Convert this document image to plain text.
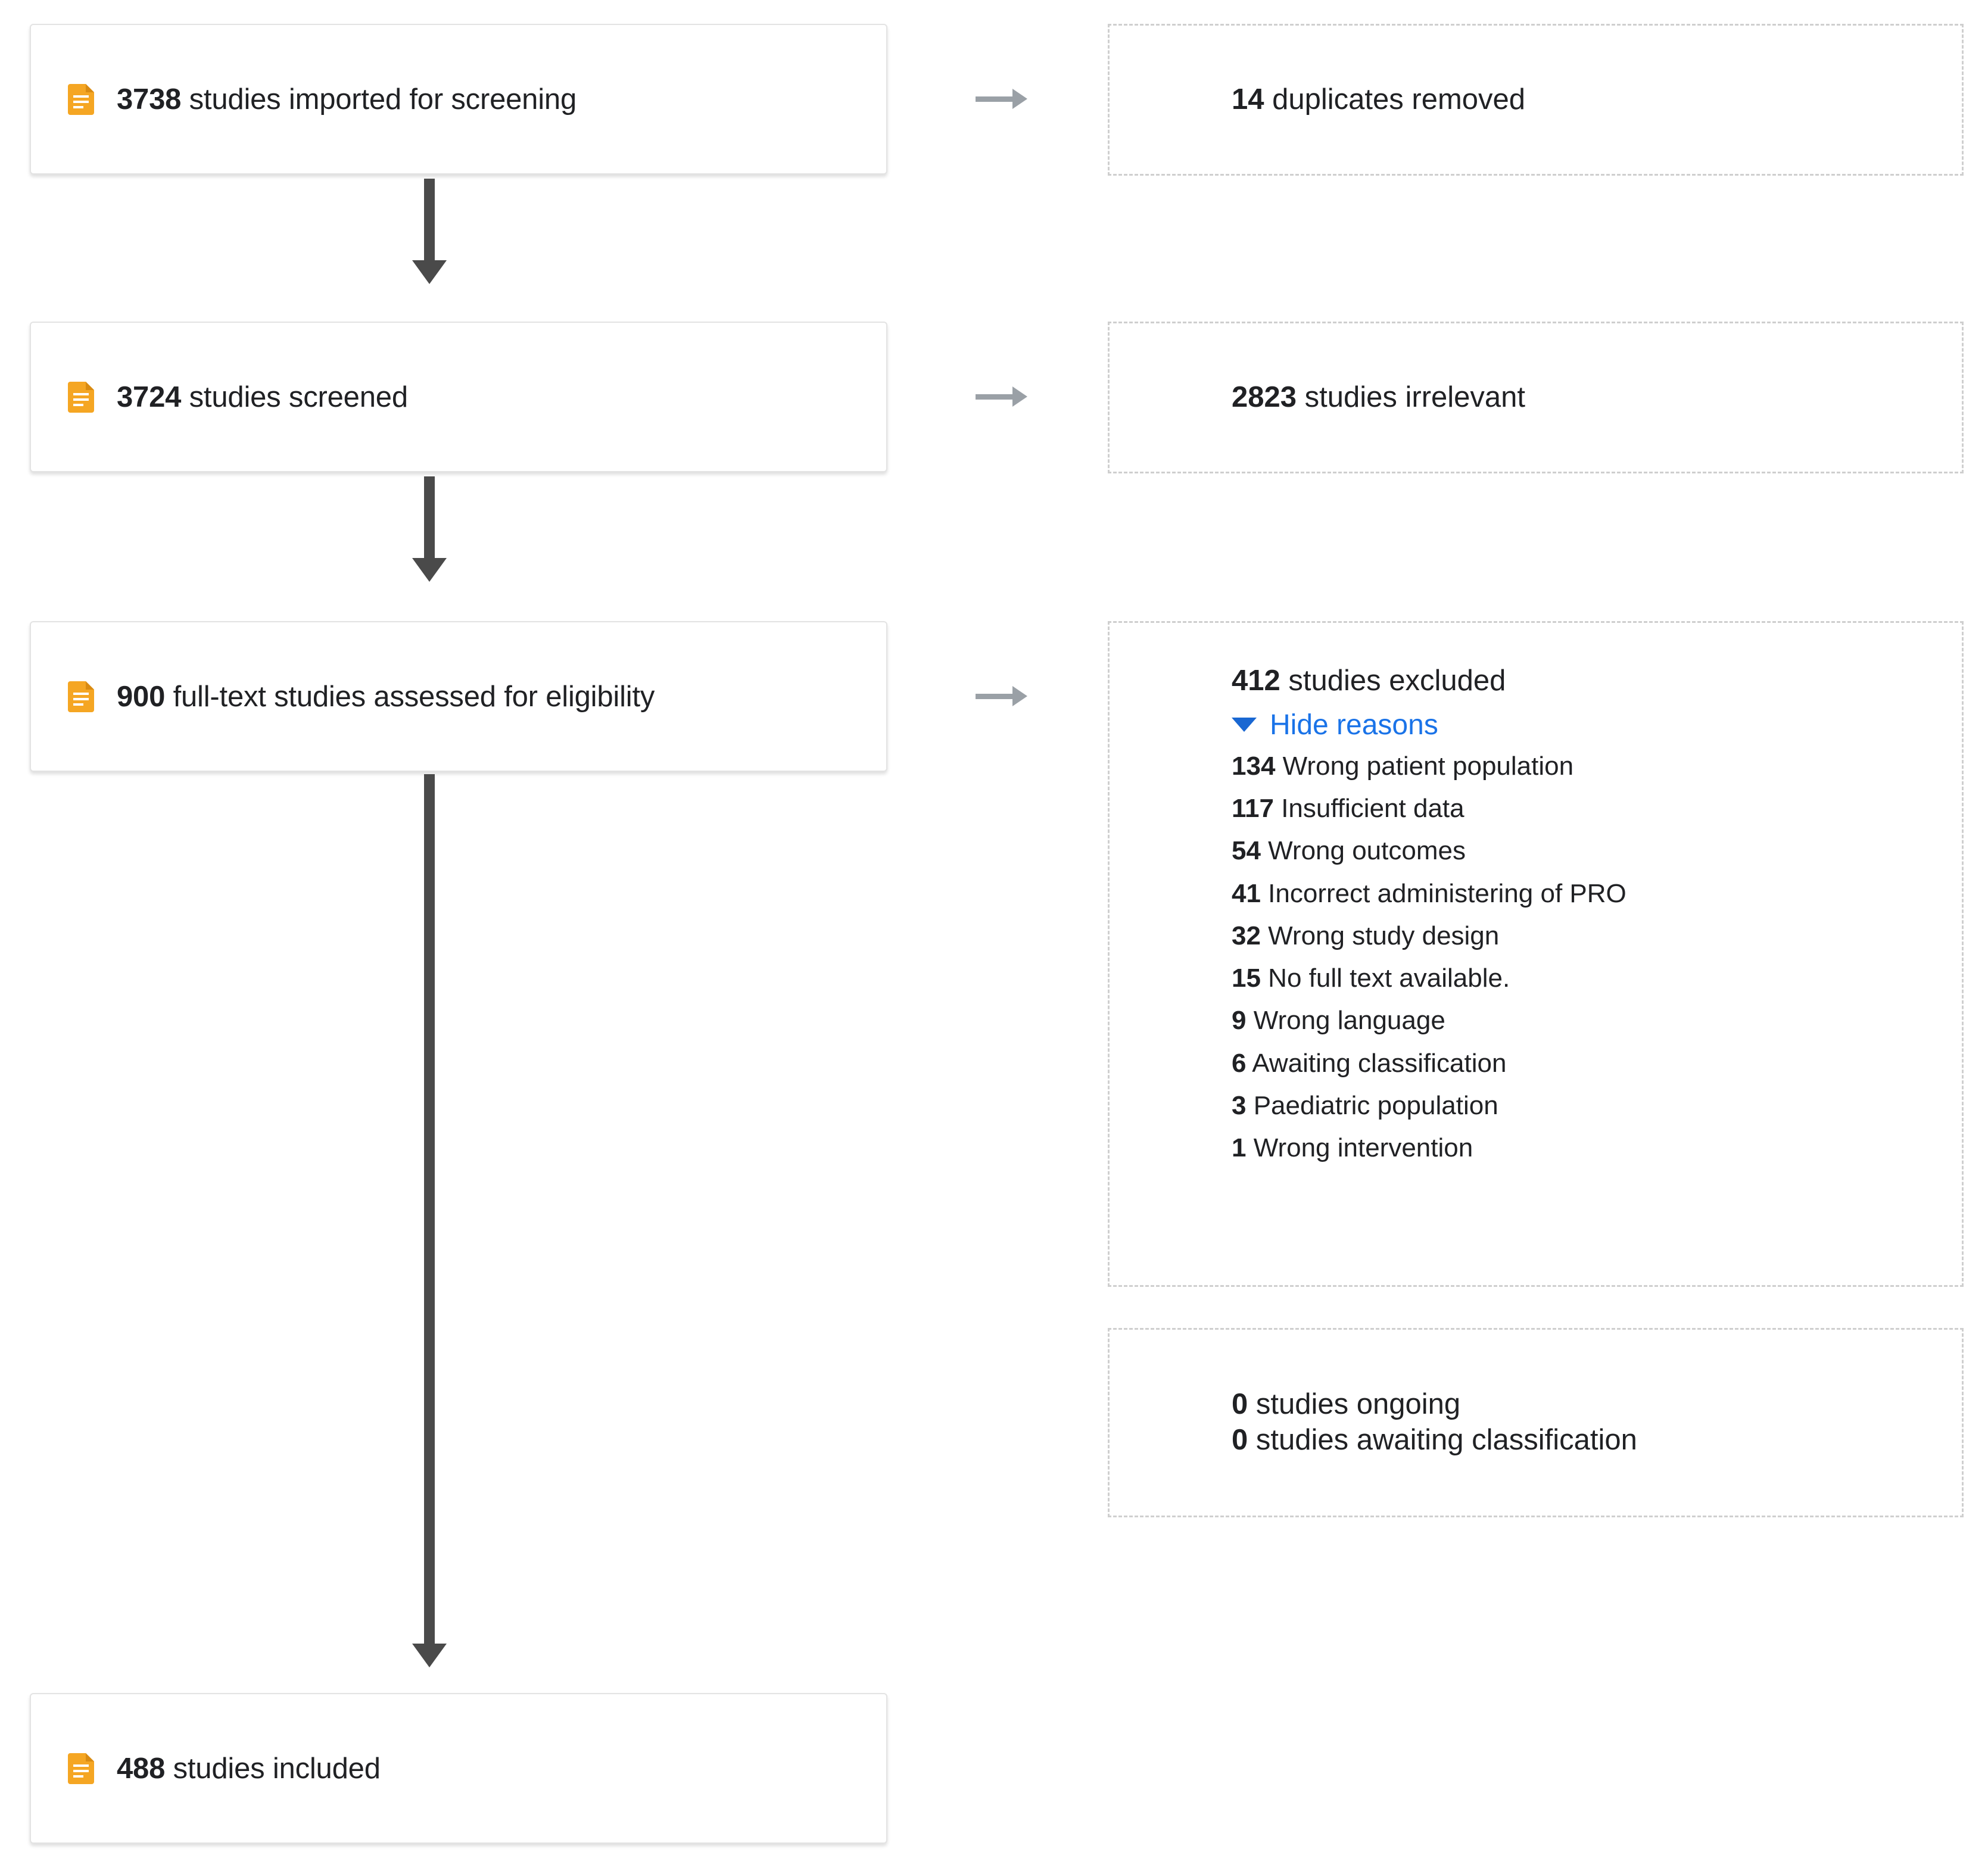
3738 studies imported for screening	14 duplicates removed
3724 studies screened	2823 studies irrelevant
900 full-text studies assessed for eligibility	412 studies excluded
Hide reasons
134 Wrong patient population
117 Insufficient data
54 Wrong outcomes
41 Incorrect administering of PRO
32 Wrong study design
15 No full text available.
9 Wrong language
6 Awaiting classification
3 Paediatric population
1 Wrong intervention
0 studies ongoing
0 studies awaiting classification
488 studies included
